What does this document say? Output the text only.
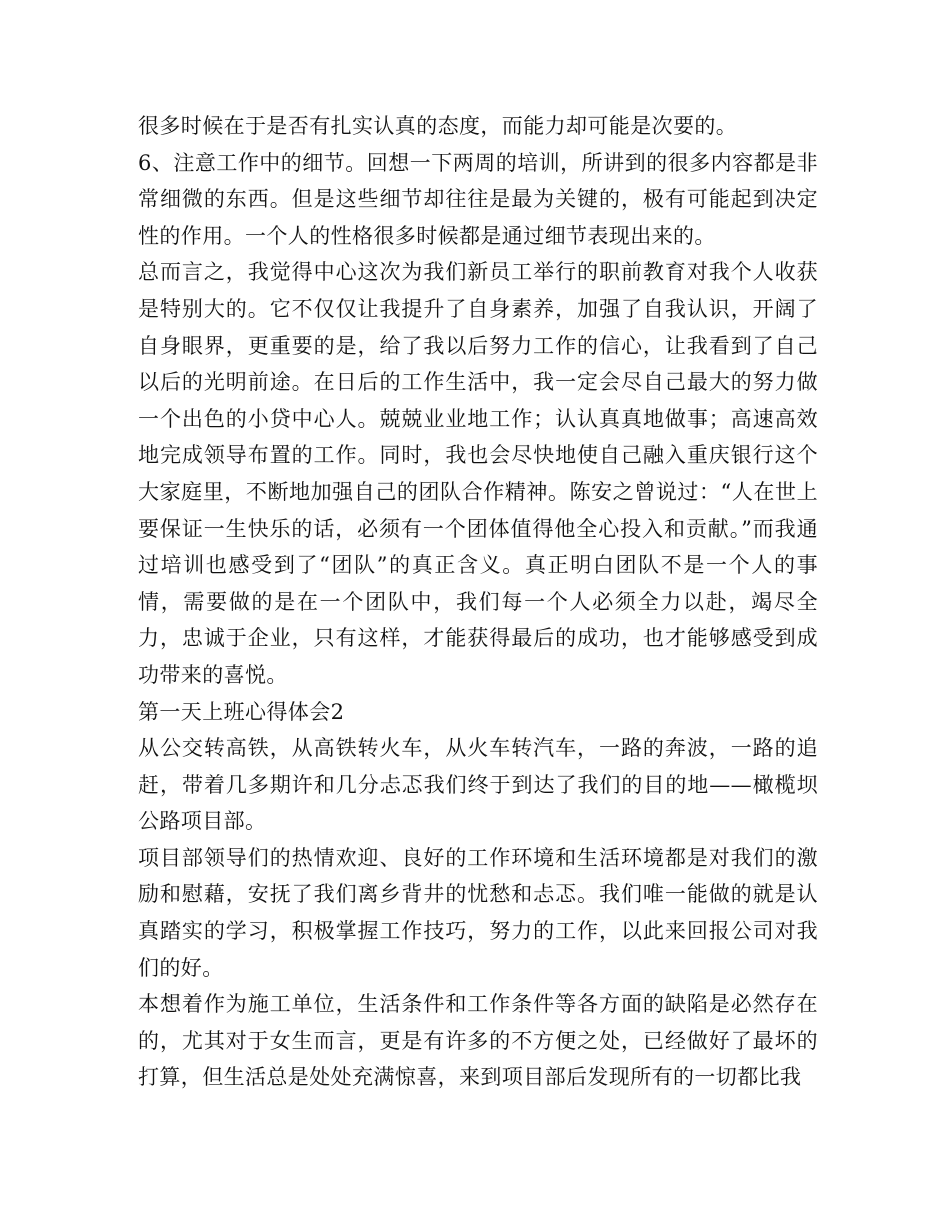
很多时候在于是否有扎实认真的态度，而能力却可能是次要的。

6、注意工作中的细节。回想一下两周的培训，所讲到的很多内容都是非常细微的东西。但是这些细节却往往是最为关键的，极有可能起到决定性的作用。一个人的性格很多时候都是通过细节表现出来的。

总而言之，我觉得中心这次为我们新员工举行的职前教育对我个人收获是特别大的。它不仅仅让我提升了自身素养，加强了自我认识，开阔了自身眼界，更重要的是，给了我以后努力工作的信心，让我看到了自己以后的光明前途。在日后的工作生活中，我一定会尽自己最大的努力做一个出色的小贷中心人。兢兢业业地工作；认认真真地做事；高速高效地完成领导布置的工作。同时，我也会尽快地使自己融入重庆银行这个大家庭里，不断地加强自己的团队合作精神。陈安之曾说过：“人在世上要保证一生快乐的话，必须有一个团体值得他全心投入和贡献。”而我通过培训也感受到了“团队”的真正含义。真正明白团队不是一个人的事情，需要做的是在一个团队中，我们每一个人必须全力以赴，竭尽全力，忠诚于企业，只有这样，才能获得最后的成功，也才能够感受到成功带来的喜悦。

第一天上班心得体会2

从公交转高铁，从高铁转火车，从火车转汽车，一路的奔波，一路的追赶，带着几多期许和几分忐忑我们终于到达了我们的目的地——橄榄坝公路项目部。

项目部领导们的热情欢迎、良好的工作环境和生活环境都是对我们的激励和慰藉，安抚了我们离乡背井的忧愁和忐忑。我们唯一能做的就是认真踏实的学习，积极掌握工作技巧，努力的工作，以此来回报公司对我们的好。

本想着作为施工单位，生活条件和工作条件等各方面的缺陷是必然存在的，尤其对于女生而言，更是有许多的不方便之处，已经做好了最坏的打算，但生活总是处处充满惊喜，来到项目部后发现所有的一切都比我
